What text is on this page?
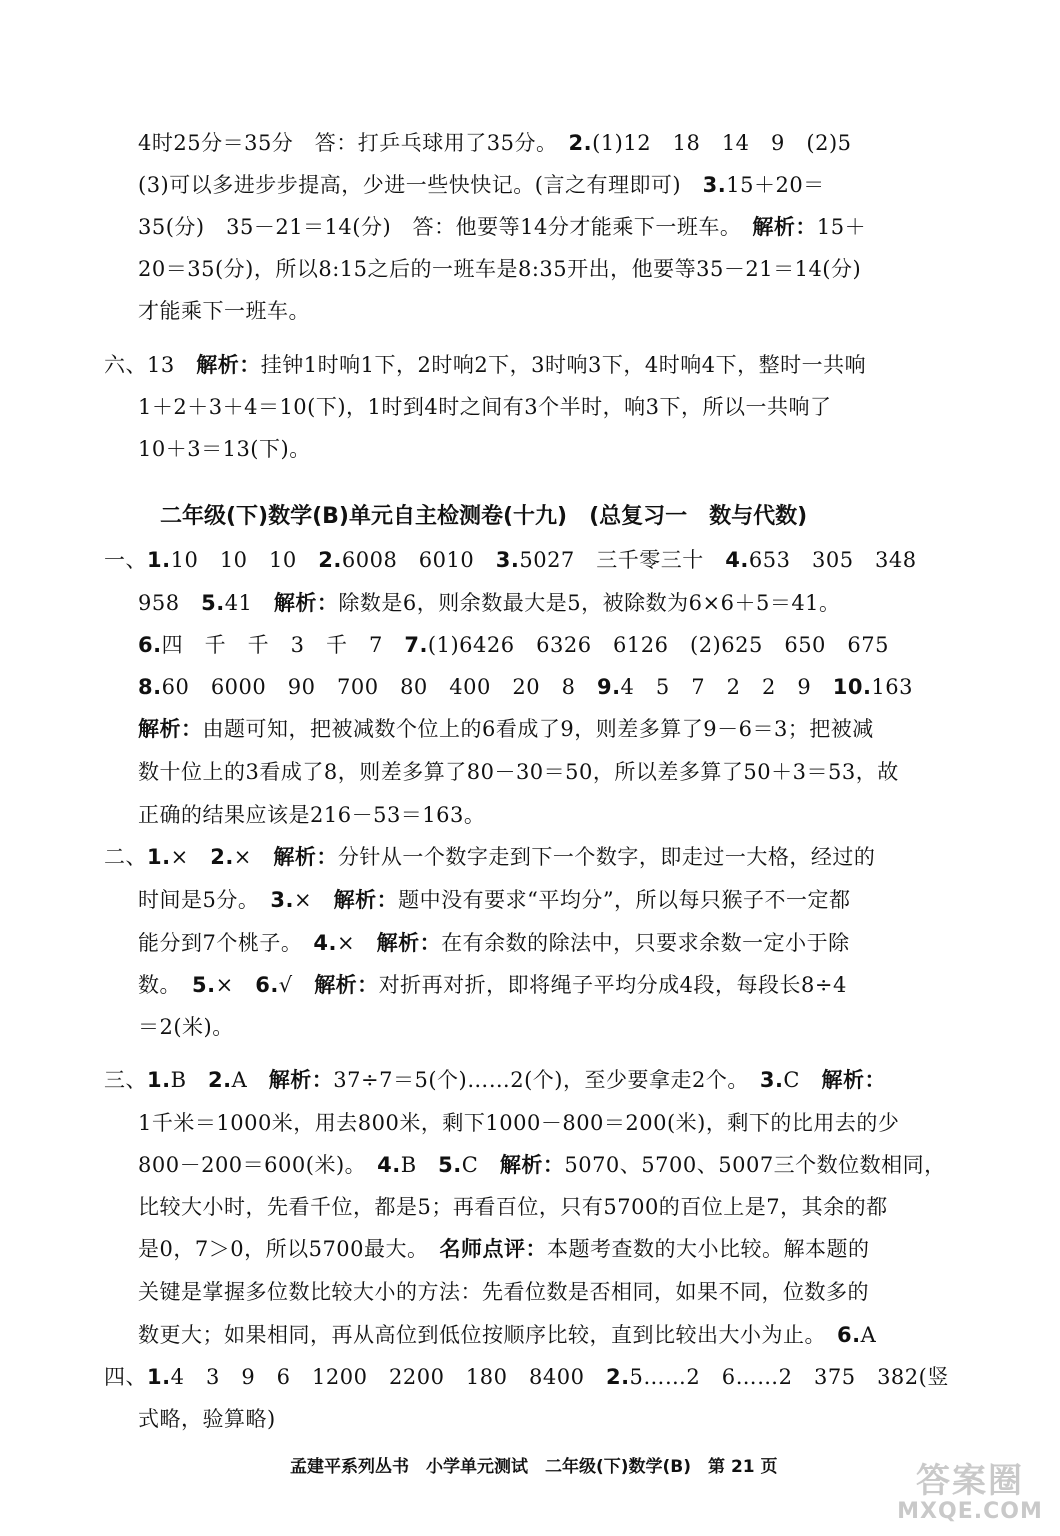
4时25分＝35分　答：打乒乓球用了35分。　2.(1)12　18　14　9　(2)5
(3)可以多进步步提高，少进一些快快记。(言之有理即可)　3.15＋20＝
35(分)　35－21＝14(分)　答：他要等14分才能乘下一班车。　解析：15＋
20＝35(分)，所以8:15之后的一班车是8:35开出，他要等35－21＝14(分)
才能乘下一班车。
六、13　解析：挂钟1时响1下，2时响2下，3时响3下，4时响4下，整时一共响
1＋2＋3＋4＝10(下)，1时到4时之间有3个半时，响3下，所以一共响了
10＋3＝13(下)。
一、1.10　10　10　2.6008　6010　3.5027　三千零三十　4.653　305　348
958　5.41　解析：除数是6，则余数最大是5，被除数为6×6＋5＝41。
6.四　千　千　3　千　7　7.(1)6426　6326　6126　(2)625　650　675
8.60　6000　90　700　80　400　20　8　9.4　5　7　2　2　9　10.163
解析：由题可知，把被减数个位上的6看成了9，则差多算了9－6＝3；把被减
数十位上的3看成了8，则差多算了80－30＝50，所以差多算了50＋3＝53，故
正确的结果应该是216－53＝163。
二、1.×　2.×　解析：分针从一个数字走到下一个数字，即走过一大格，经过的
时间是5分。　3.×　解析：题中没有要求“平均分”，所以每只猴子不一定都
能分到7个桃子。　4.×　解析：在有余数的除法中，只要求余数一定小于除
数。　5.×　6.√　解析：对折再对折，即将绳子平均分成4段，每段长8÷4
＝2(米)。
三、1.B　2.A　解析：37÷7＝5(个)……2(个)，至少要拿走2个。　3.C　解析：
1千米＝1000米，用去800米，剩下1000－800＝200(米)，剩下的比用去的少
800－200＝600(米)。　4.B　5.C　解析：5070、5700、5007三个数位数相同，
比较大小时，先看千位，都是5；再看百位，只有5700的百位上是7，其余的都
是0，7＞0，所以5700最大。　名师点评：本题考查数的大小比较。解本题的
关键是掌握多位数比较大小的方法：先看位数是否相同，如果不同，位数多的
数更大；如果相同，再从高位到低位按顺序比较，直到比较出大小为止。　6.A
四、1.4　3　9　6　1200　2200　180　8400　2.5……2　6……2　375　382(竖
式略，验算略)
二年级(下)数学(B)单元自主检测卷(十九)　(总复习一　数与代数)
孟建平系列丛书　小学单元测试　二年级(下)数学(B)　第 21 页	答案圈
MXQE.COM
